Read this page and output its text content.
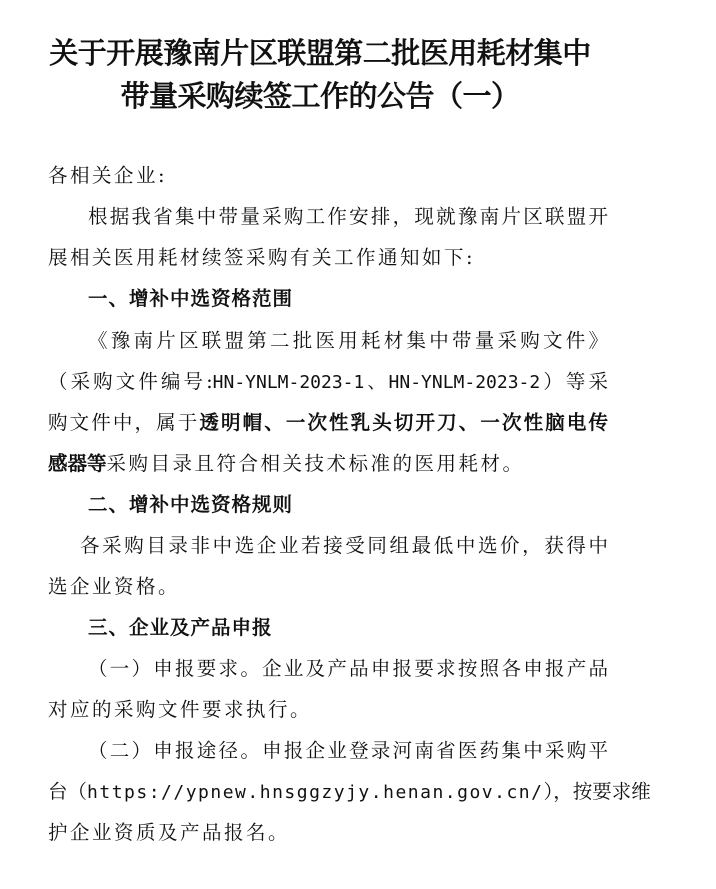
关于开展豫南片区联盟第二批医用耗材集中
带量采购续签工作的公告（一）

各相关企业:

根据我省集中带量采购工作安排，现就豫南片区联盟开

展相关医用耗材续签采购有关工作通知如下:

一、增补中选资格范围

《豫南片区联盟第二批医用耗材集中带量采购文件》

（采购文件编号:HN-YNLM-2023-1、HN-YNLM-2023-2）等采

购文件中，属于透明帽、一次性乳头切开刀、一次性脑电传

感器等采购目录且符合相关技术标准的医用耗材。

二、增补中选资格规则

各采购目录非中选企业若接受同组最低中选价，获得中

选企业资格。

三、企业及产品申报

（一）申报要求。企业及产品申报要求按照各申报产品

对应的采购文件要求执行。

（二）申报途径。申报企业登录河南省医药集中采购平

台（https://ypnew.hnsggzyjy.henan.gov.cn/），按要求维

护企业资质及产品报名。
